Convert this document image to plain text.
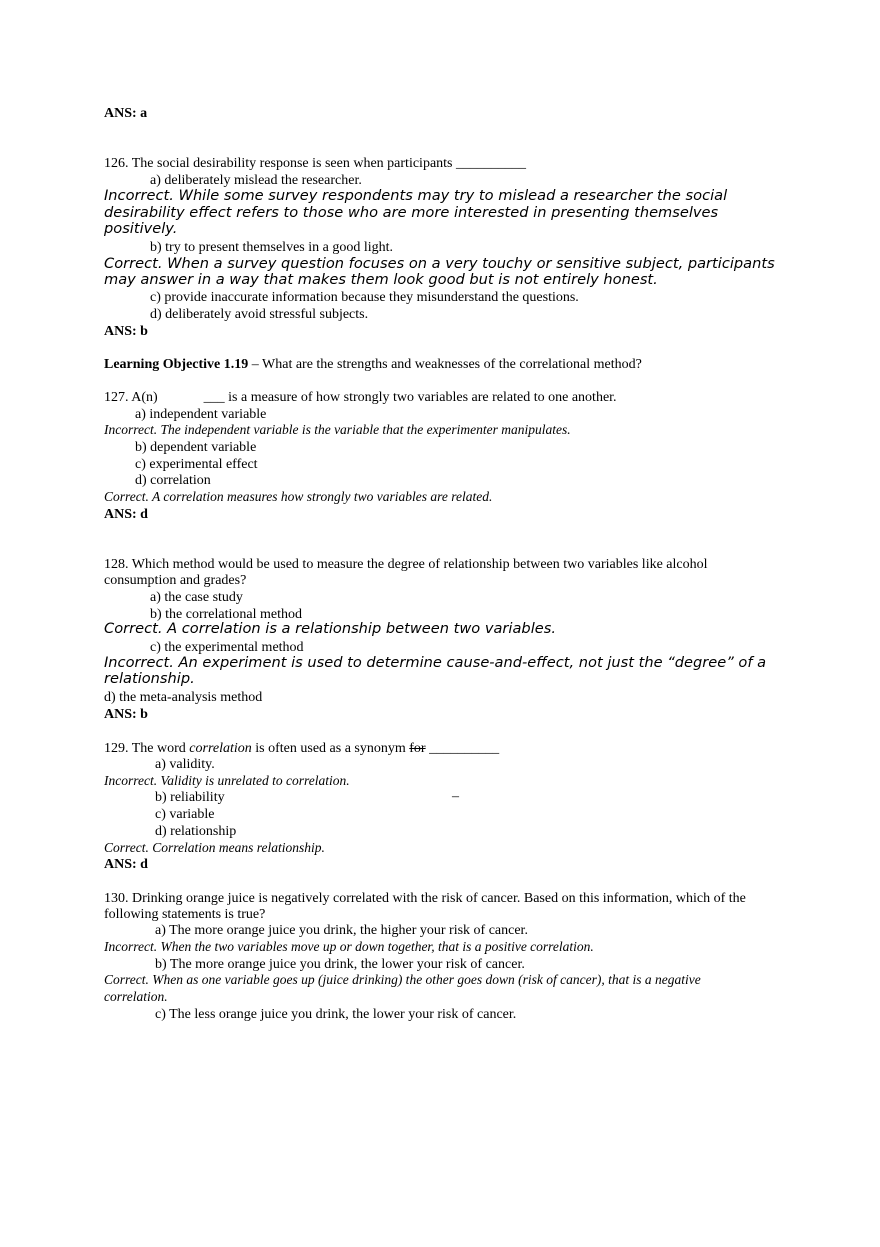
ANS: a

126. The social desirability response is seen when participants __________

a) deliberately mislead the researcher.

Incorrect. While some survey respondents may try to mislead a researcher the social

desirability effect refers to those who are more interested in presenting themselves

positively.

b) try to present themselves in a good light.

Correct. When a survey question focuses on a very touchy or sensitive subject, participants

may answer in a way that makes them look good but is not entirely honest.

c) provide inaccurate information because they misunderstand the questions.

d) deliberately avoid stressful subjects.

ANS: b

Learning Objective 1.19 – What are the strengths and weaknesses of the correlational method?

127. A(n)	___ is a measure of how strongly two variables are related to one another.

a) independent variable

Incorrect. The independent variable is the variable that the experimenter manipulates.

b) dependent variable

c) experimental effect

d) correlation

Correct. A correlation measures how strongly two variables are related.

ANS: d

128. Which method would be used to measure the degree of relationship between two variables like alcohol

consumption and grades?

a) the case study

b) the correlational method

Correct. A correlation is a relationship between two variables.

c) the experimental method

Incorrect. An experiment is used to determine cause-and-effect, not just the “degree” of a

relationship.

d) the meta-analysis method

ANS: b

129. The word correlation is often used as a synonym for __________

a) validity.

Incorrect. Validity is unrelated to correlation.

b) reliability	–

c) variable

d) relationship

Correct. Correlation means relationship.

ANS: d

130. Drinking orange juice is negatively correlated with the risk of cancer. Based on this information, which of the

following statements is true?

a) The more orange juice you drink, the higher your risk of cancer.

Incorrect. When the two variables move up or down together, that is a positive correlation.

b) The more orange juice you drink, the lower your risk of cancer.

Correct. When as one variable goes up (juice drinking) the other goes down (risk of cancer), that is a negative

correlation.

c) The less orange juice you drink, the lower your risk of cancer.
